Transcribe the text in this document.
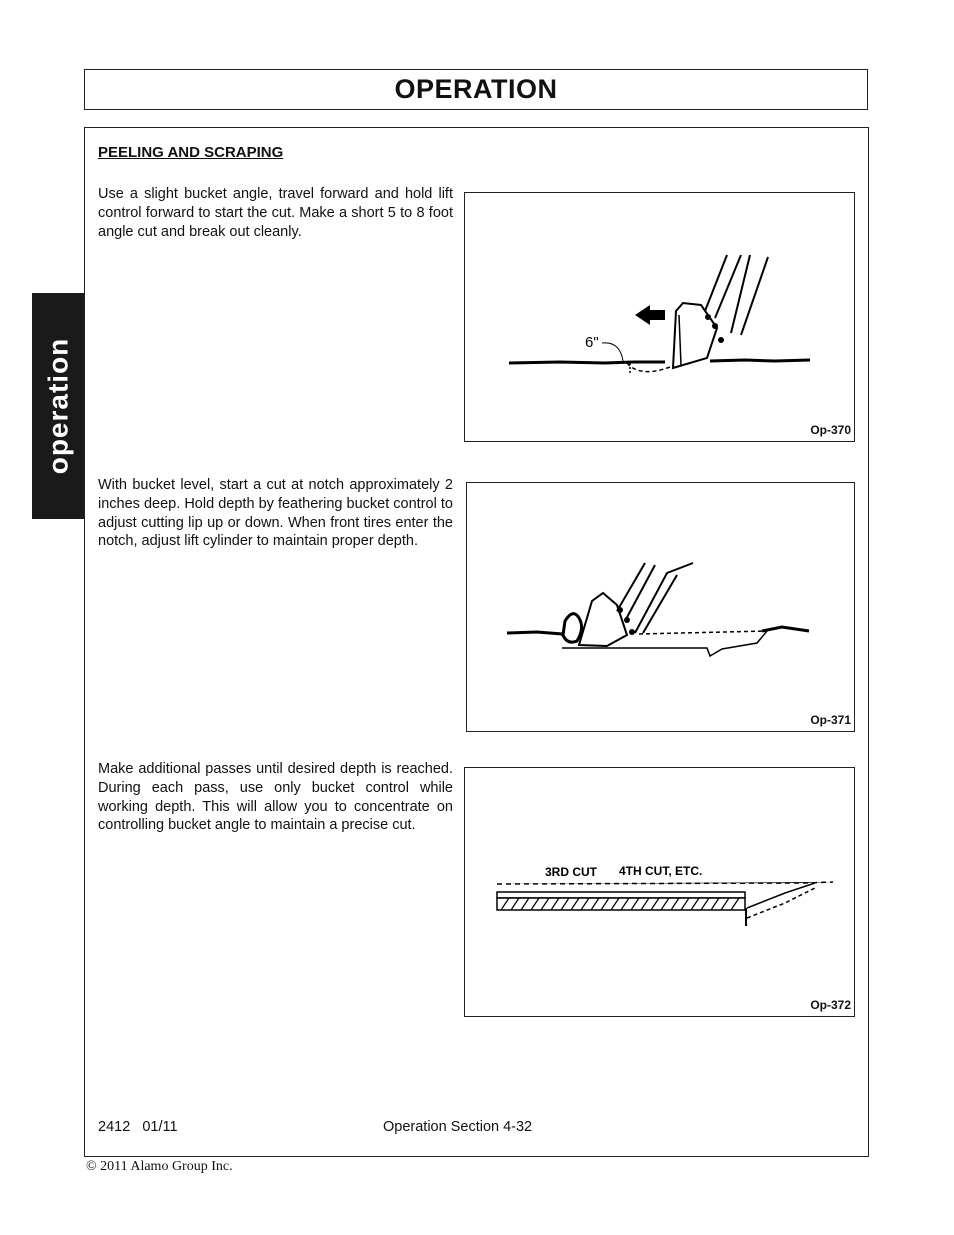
OPERATION
operation
PEELING AND SCRAPING
Use a slight bucket angle, travel forward and hold lift control forward to start the cut. Make a short 5 to 8 foot angle cut and break out cleanly.
With bucket level, start a cut at notch approximately 2 inches deep. Hold depth by feathering bucket control to adjust cutting lip up or down. When front tires enter the notch, adjust lift cylinder to maintain proper depth.
Make additional passes until desired depth is reached. During each pass, use only bucket control while working depth. This will allow you to concentrate on controlling bucket angle to maintain a precise cut.
6"
Op-370
Op-371
3RD CUT 4TH CUT, ETC.
Op-372
2412   01/11	Operation Section 4-32
© 2011 Alamo Group Inc.
